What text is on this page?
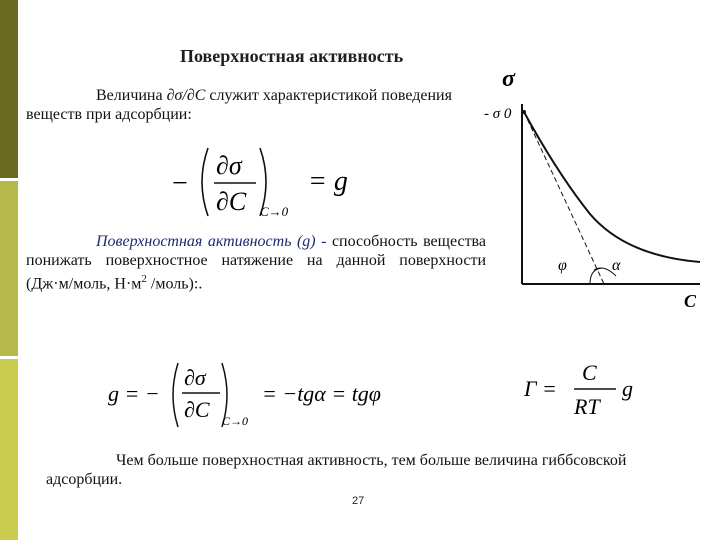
Поверхностная активность
Величина ∂σ/∂C служит характеристикой поведения веществ при адсорбции:
−
∂σ
∂C C→0
= g
Поверхностная активность (g) - способность вещества понижать поверхностное натяжение на данной поверхности (Дж·м/моль, $Н\cdot м^2$ /моль):.
σ
- σ 0
φ	α
C
g = −
∂σ
∂C C→0
= −tgα = tgφ	Г =
C
RT
g
Чем больше поверхностная активность, тем больше величина гиббсовской адсорбции.
27
